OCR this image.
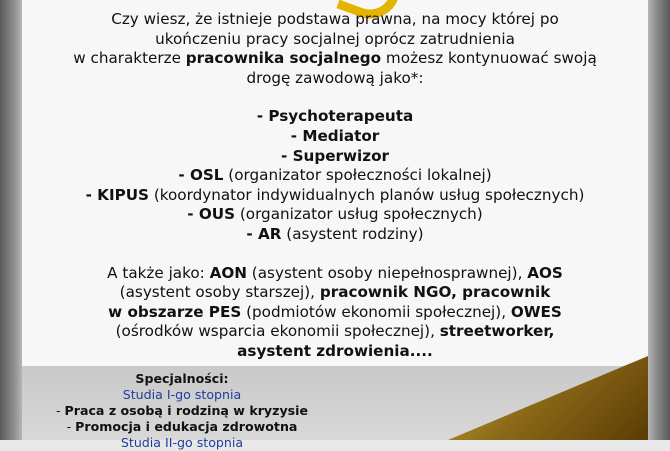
Czy wiesz, że istnieje podstawa prawna, na mocy której po

ukończeniu pracy socjalnej oprócz zatrudnienia

w charakterze pracownika socjalnego możesz kontynuować swoją

drogę zawodową jako*:

- Psychoterapeuta

- Mediator

- Superwizor

- OSL (organizator społeczności lokalnej)

- KIPUS (koordynator indywidualnych planów usług społecznych)

- OUS (organizator usług społecznych)

- AR (asystent rodziny)

A także jako: AON (asystent osoby niepełnosprawnej), AOS

(asystent osoby starszej), pracownik NGO, pracownik

w obszarze PES (podmiotów ekonomii społecznej), OWES

(ośrodków wsparcia ekonomii społecznej), streetworker,

asystent zdrowienia....

Specjalności:
Studia I-go stopnia
- Praca z osobą i rodziną w kryzysie
- Promocja i edukacja zdrowotna
Studia II-go stopnia
